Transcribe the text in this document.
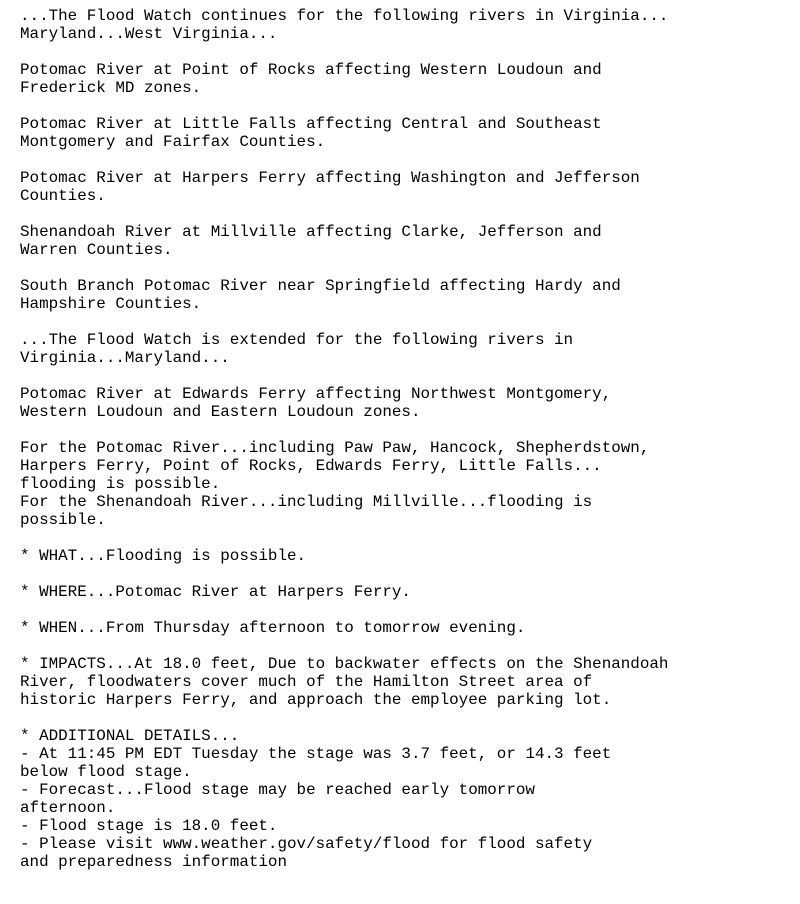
...The Flood Watch continues for the following rivers in Virginia...
Maryland...West Virginia...
Potomac River at Point of Rocks affecting Western Loudoun and
Frederick MD zones.
Potomac River at Little Falls affecting Central and Southeast
Montgomery and Fairfax Counties.
Potomac River at Harpers Ferry affecting Washington and Jefferson
Counties.
Shenandoah River at Millville affecting Clarke, Jefferson and
Warren Counties.
South Branch Potomac River near Springfield affecting Hardy and
Hampshire Counties.
...The Flood Watch is extended for the following rivers in
Virginia...Maryland...
Potomac River at Edwards Ferry affecting Northwest Montgomery,
Western Loudoun and Eastern Loudoun zones.
For the Potomac River...including Paw Paw, Hancock, Shepherdstown,
Harpers Ferry, Point of Rocks, Edwards Ferry, Little Falls...
flooding is possible.
For the Shenandoah River...including Millville...flooding is
possible.
* WHAT...Flooding is possible.
* WHERE...Potomac River at Harpers Ferry.
* WHEN...From Thursday afternoon to tomorrow evening.
* IMPACTS...At 18.0 feet, Due to backwater effects on the Shenandoah
River, floodwaters cover much of the Hamilton Street area of
historic Harpers Ferry, and approach the employee parking lot.
* ADDITIONAL DETAILS...
- At 11:45 PM EDT Tuesday the stage was 3.7 feet, or 14.3 feet
below flood stage.
- Forecast...Flood stage may be reached early tomorrow
afternoon.
- Flood stage is 18.0 feet.
- Please visit www.weather.gov/safety/flood for flood safety
and preparedness information
